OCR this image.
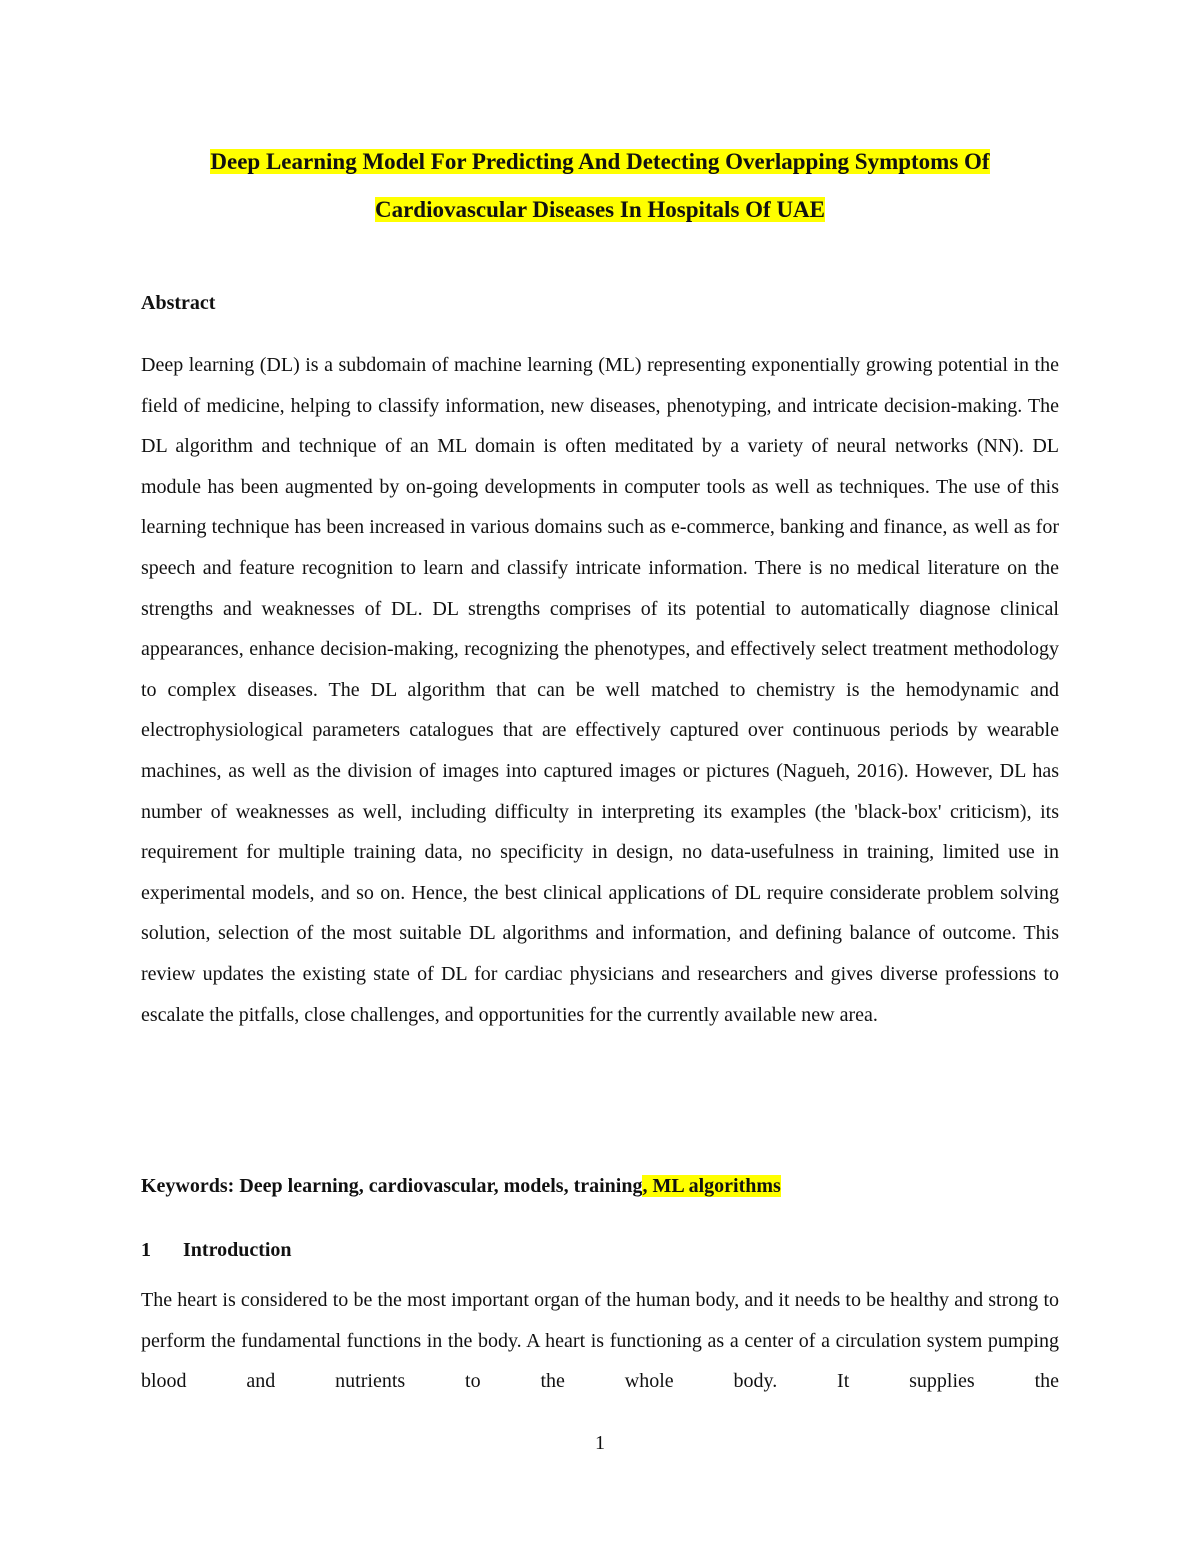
Deep Learning Model For Predicting And Detecting Overlapping Symptoms Of
Cardiovascular Diseases In Hospitals Of UAE
Abstract

Deep learning (DL) is a subdomain of machine learning (ML) representing exponentially growing potential in the field of medicine, helping to classify information, new diseases, phenotyping, and intricate decision-making. The DL algorithm and technique of an ML domain is often meditated by a variety of neural networks (NN). DL module has been augmented by on-going developments in computer tools as well as techniques. The use of this learning technique has been increased in various domains such as e-commerce, banking and finance, as well as for speech and feature recognition to learn and classify intricate information. There is no medical literature on the strengths and weaknesses of DL. DL strengths comprises of its potential to automatically diagnose clinical appearances, enhance decision-making, recognizing the phenotypes, and effectively select treatment methodology to complex diseases. The DL algorithm that can be well matched to chemistry is the hemodynamic and electrophysiological parameters catalogues that are effectively captured over continuous periods by wearable machines, as well as the division of images into captured images or pictures (Nagueh, 2016). However, DL has number of weaknesses as well, including difficulty in interpreting its examples (the 'black-box' criticism), its requirement for multiple training data, no specificity in design, no data-usefulness in training, limited use in experimental models, and so on. Hence, the best clinical applications of DL require considerate problem solving solution, selection of the most suitable DL algorithms and information, and defining balance of outcome. This review updates the existing state of DL for cardiac physicians and researchers and gives diverse professions to escalate the pitfalls, close challenges, and opportunities for the currently available new area.

Keywords: Deep learning, cardiovascular, models, training, ML algorithms
1 Introduction

The heart is considered to be the most important organ of the human body, and it needs to be healthy and strong to perform the fundamental functions in the body. A heart is functioning as a center of a circulation system pumping blood and nutrients to the whole body. It supplies the

1
